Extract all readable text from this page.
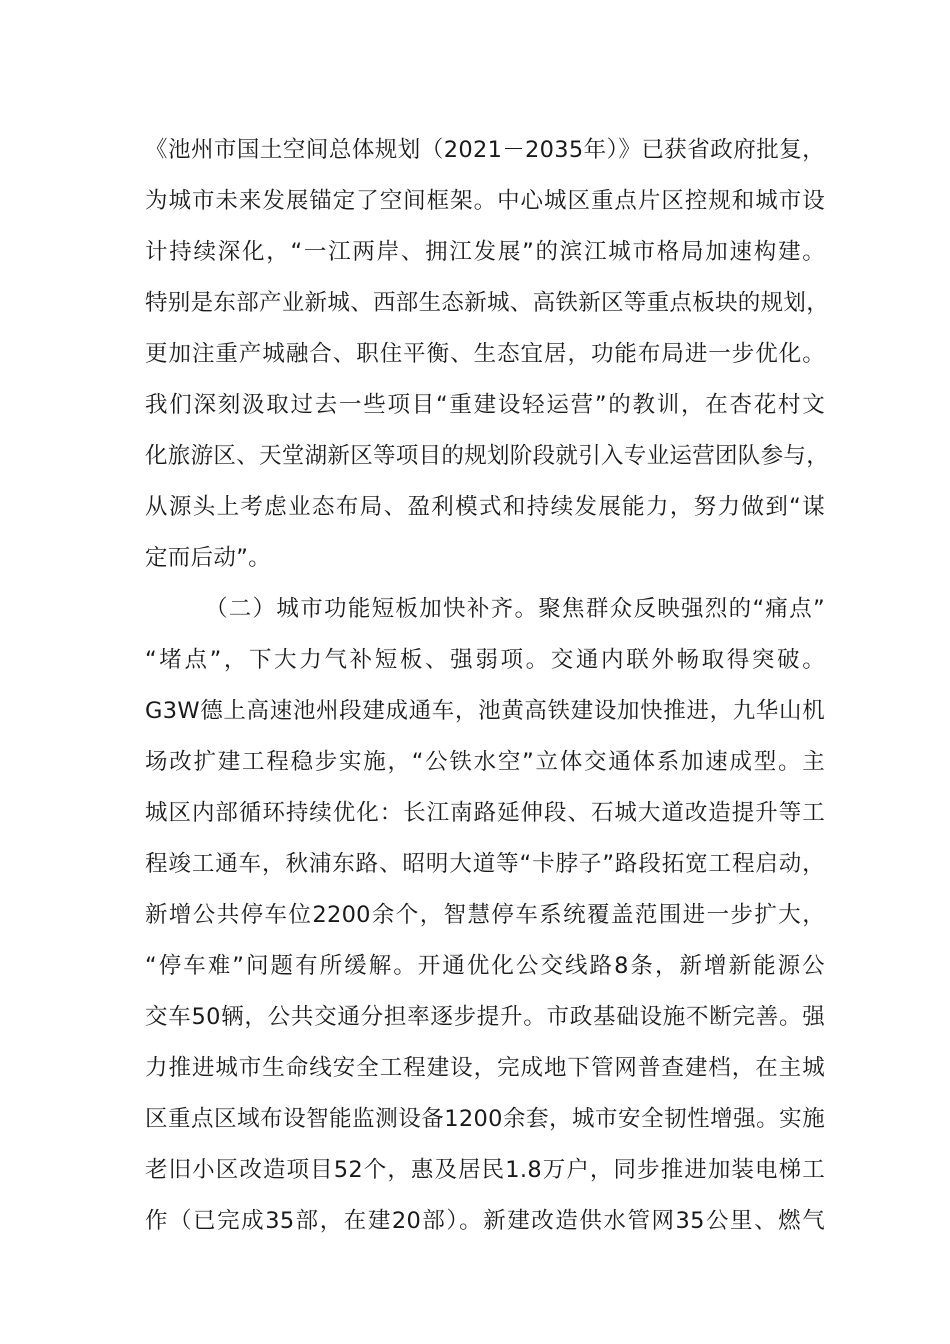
《池州市国土空间总体规划（2021－2035年）》已获省政府批复，
为城市未来发展锚定了空间框架。中心城区重点片区控规和城市设
计持续深化，“一江两岸、拥江发展”的滨江城市格局加速构建。
特别是东部产业新城、西部生态新城、高铁新区等重点板块的规划，
更加注重产城融合、职住平衡、生态宜居，功能布局进一步优化。
我们深刻汲取过去一些项目“重建设轻运营”的教训，在杏花村文
化旅游区、天堂湖新区等项目的规划阶段就引入专业运营团队参与，
从源头上考虑业态布局、盈利模式和持续发展能力，努力做到“谋
定而后动”。
（二）城市功能短板加快补齐。聚焦群众反映强烈的“痛点”
“堵点”，下大力气补短板、强弱项。交通内联外畅取得突破。
G3W德上高速池州段建成通车，池黄高铁建设加快推进，九华山机
场改扩建工程稳步实施，“公铁水空”立体交通体系加速成型。主
城区内部循环持续优化：长江南路延伸段、石城大道改造提升等工
程竣工通车，秋浦东路、昭明大道等“卡脖子”路段拓宽工程启动，
新增公共停车位2200余个，智慧停车系统覆盖范围进一步扩大，
“停车难”问题有所缓解。开通优化公交线路8条，新增新能源公
交车50辆，公共交通分担率逐步提升。市政基础设施不断完善。强
力推进城市生命线安全工程建设，完成地下管网普查建档，在主城
区重点区域布设智能监测设备1200余套，城市安全韧性增强。实施
老旧小区改造项目52个，惠及居民1.8万户，同步推进加装电梯工
作（已完成35部，在建20部）。新建改造供水管网35公里、燃气
